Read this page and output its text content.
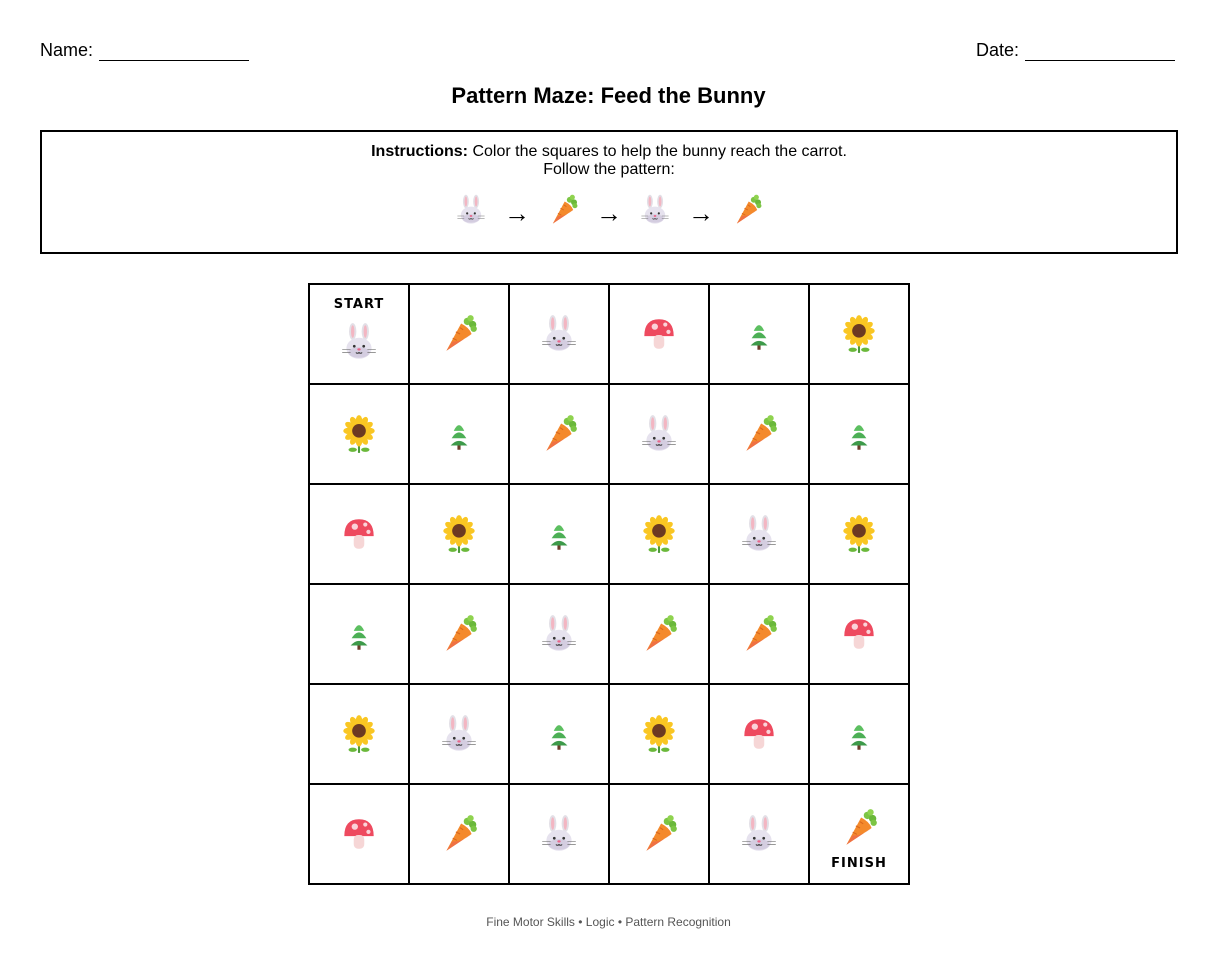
Name:	Date:
Pattern Maze: Feed the Bunny
Instructions: Color the squares to help the bunny reach the carrot.
Follow the pattern:
→	→	→
START
FINISH
Fine Motor Skills • Logic • Pattern Recognition
